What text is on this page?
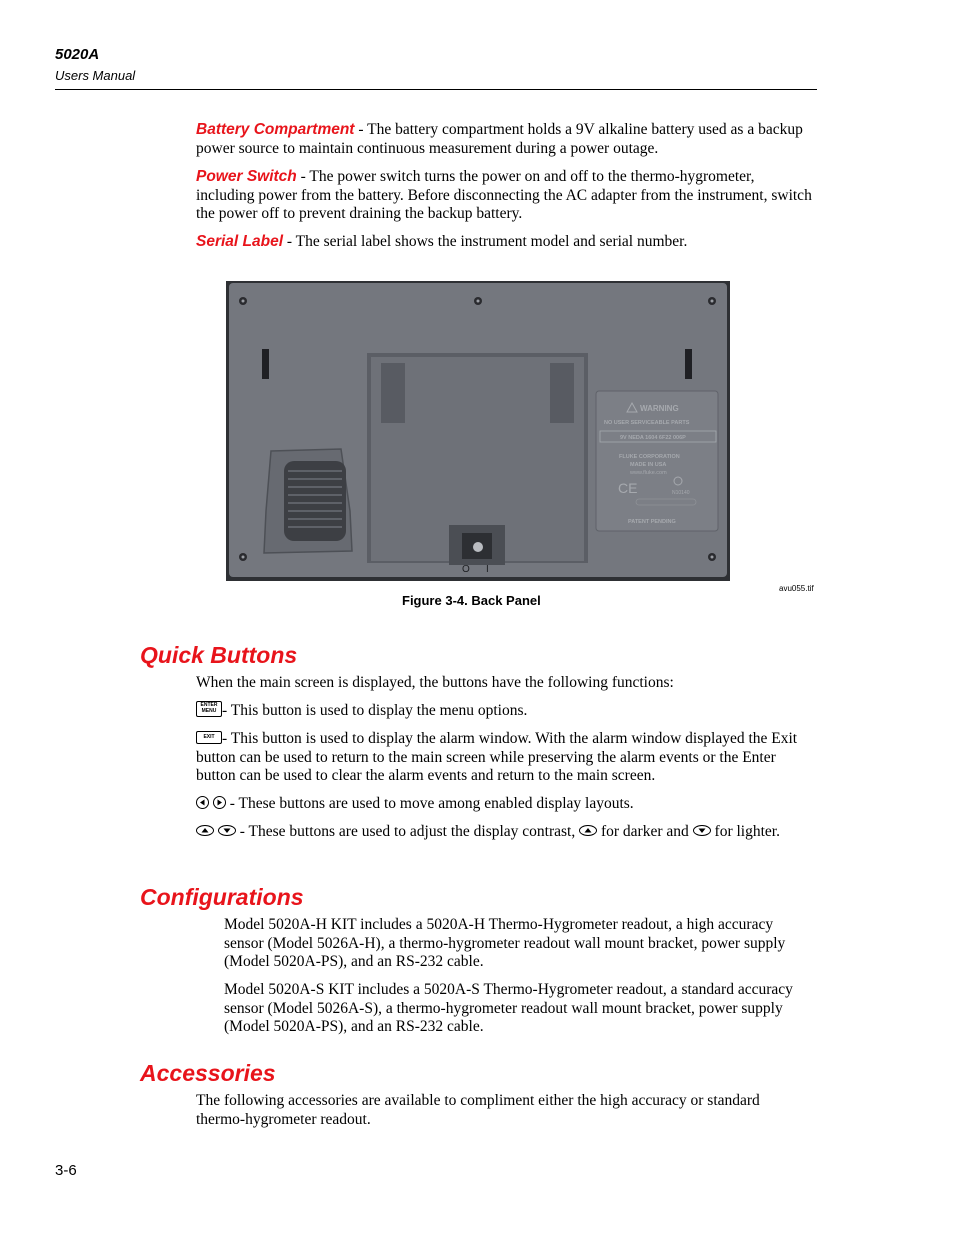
5020A
Users Manual
Battery Compartment - The battery compartment holds a 9V alkaline battery used as a backup power source to maintain continuous measurement during a power outage.
Power Switch - The power switch turns the power on and off to the thermo-hygrometer, including power from the battery. Before disconnecting the AC adapter from the instrument, switch the power off to prevent draining the backup battery.
Serial Label - The serial label shows the instrument model and serial number.
O I
WARNING
NO USER SERVICEABLE PARTS
9V NEDA 1604 6F22 006P
FLUKE CORPORATION
MADE IN USA
www.fluke.com
CE	N10140
PATENT PENDING
avu055.tif
Figure 3-4. Back Panel
Quick Buttons
When the main screen is displayed, the buttons have the following functions:
ENTER
MENU - This button is used to display the menu options.
EXIT - This button is used to display the alarm window. With the alarm window displayed the Exit button can be used to return to the main screen while preserving the alarm events or the Enter button can be used to clear the alarm events and return to the main screen.

- These buttons are used to move among enabled display layouts.

- These buttons are used to adjust the display contrast,
for darker and
for lighter.
Configurations
Model 5020A-H KIT includes a 5020A-H Thermo-Hygrometer readout, a high accuracy sensor (Model 5026A-H), a thermo-hygrometer readout wall mount bracket, power supply (Model 5020A-PS), and an RS-232 cable.
Model 5020A-S KIT includes a 5020A-S Thermo-Hygrometer readout, a standard accuracy sensor (Model 5026A-S), a thermo-hygrometer readout wall mount bracket, power supply (Model 5020A-PS), and an RS-232 cable.
Accessories
The following accessories are available to compliment either the high accuracy or standard thermo-hygrometer readout.
3-6
